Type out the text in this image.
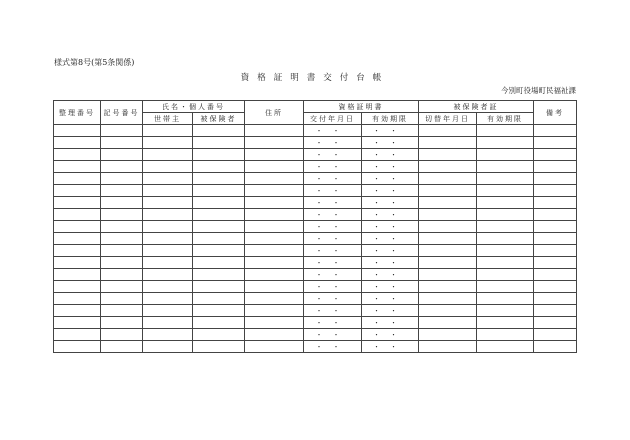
様式第8号(第5条関係)
資格証明書交付台帳
今別町役場町民福祉課
整理番号	記号番号	氏名・個人番号		住所	資格証明書		被保険者証		備考
		世帯主	被保険者		交付年月日	有効期限	切替年月日	有効期限	
					・・	・・			
					・・	・・			
					・・	・・			
					・・	・・			
					・・	・・			
					・・	・・			
					・・	・・			
					・・	・・			
					・・	・・			
					・・	・・			
					・・	・・			
					・・	・・			
					・・	・・			
					・・	・・			
					・・	・・			
					・・	・・			
					・・	・・			
					・・	・・			
					・・	・・			
